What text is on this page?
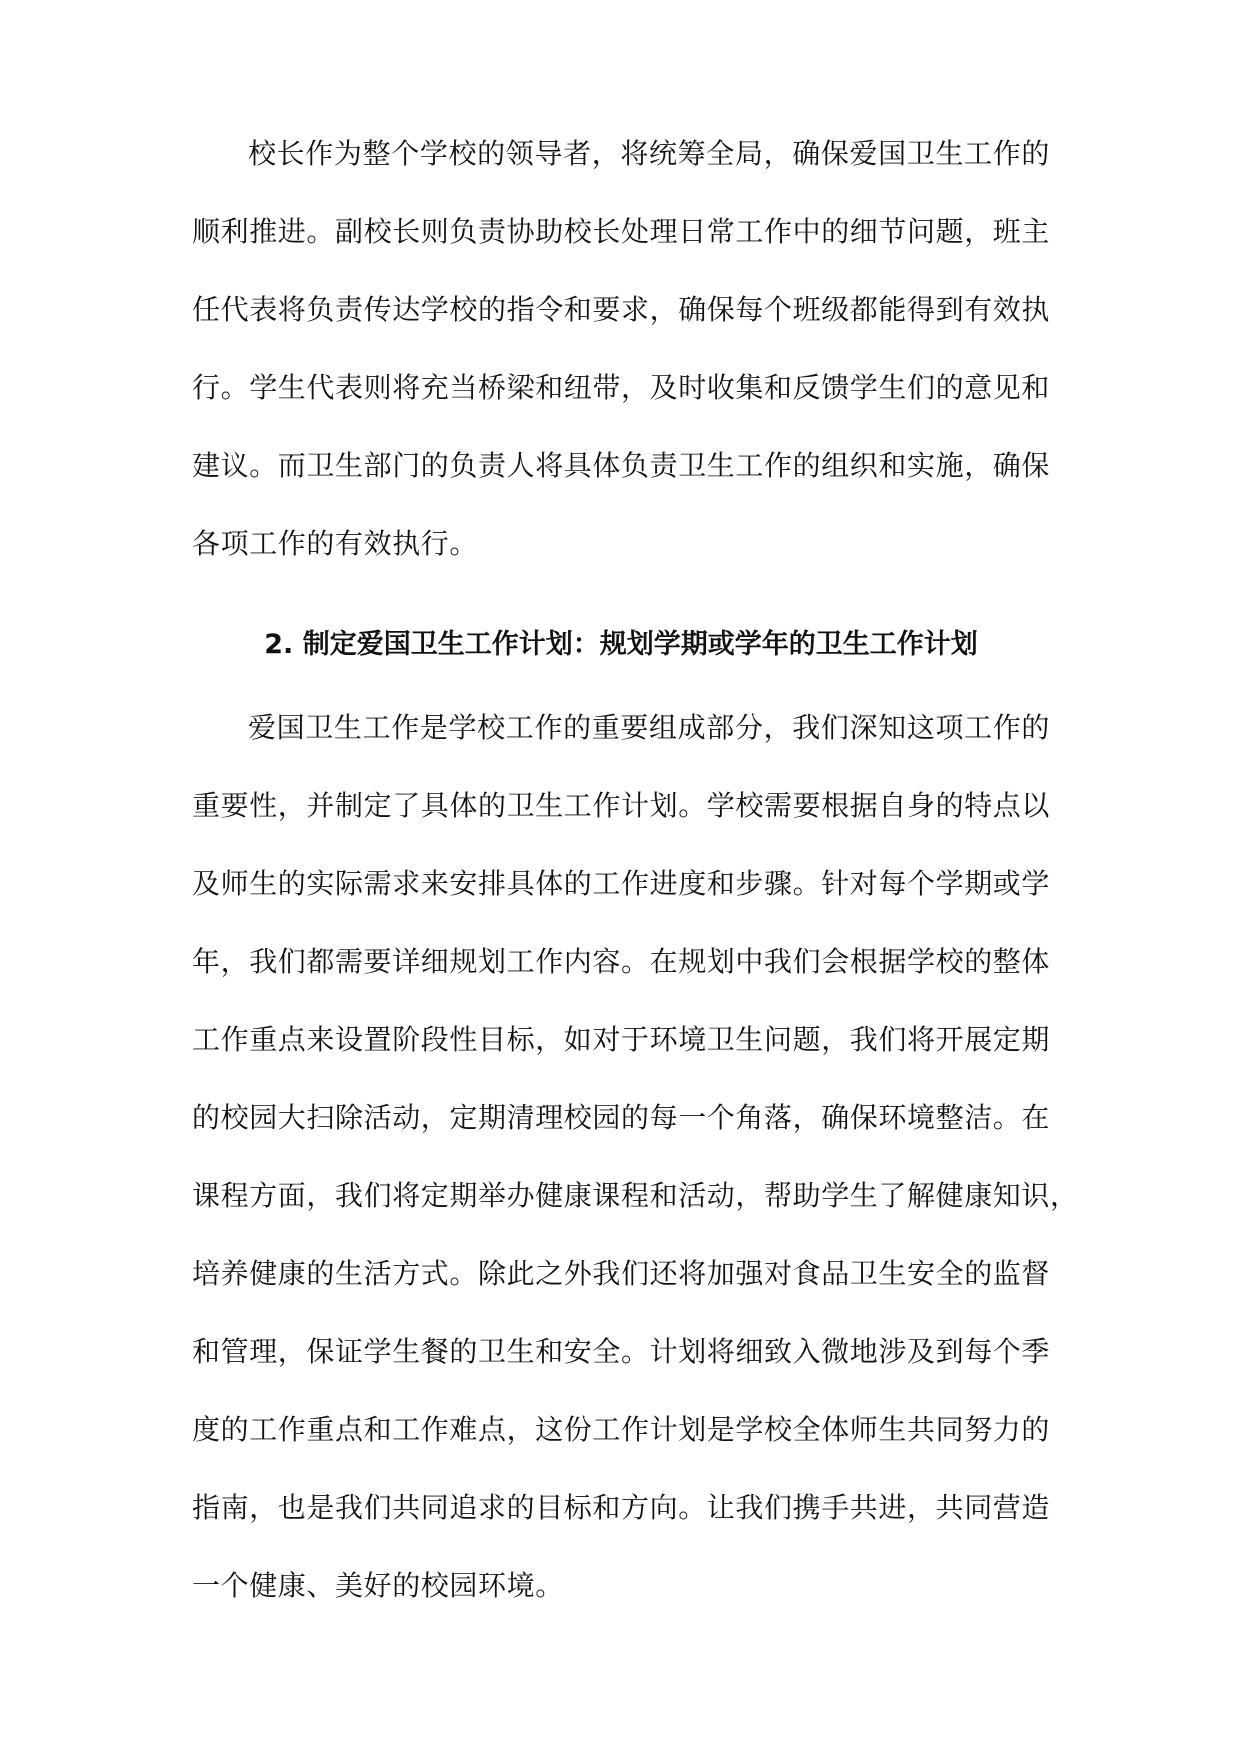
校长作为整个学校的领导者，将统筹全局，确保爱国卫生工作的
顺利推进。副校长则负责协助校长处理日常工作中的细节问题，班主
任代表将负责传达学校的指令和要求，确保每个班级都能得到有效执
行。学生代表则将充当桥梁和纽带，及时收集和反馈学生们的意见和
建议。而卫生部门的负责人将具体负责卫生工作的组织和实施，确保
各项工作的有效执行。
2. 制定爱国卫生工作计划：规划学期或学年的卫生工作计划
爱国卫生工作是学校工作的重要组成部分，我们深知这项工作的
重要性，并制定了具体的卫生工作计划。学校需要根据自身的特点以
及师生的实际需求来安排具体的工作进度和步骤。针对每个学期或学
年，我们都需要详细规划工作内容。在规划中我们会根据学校的整体
工作重点来设置阶段性目标，如对于环境卫生问题，我们将开展定期
的校园大扫除活动，定期清理校园的每一个角落，确保环境整洁。在
课程方面，我们将定期举办健康课程和活动，帮助学生了解健康知识，
培养健康的生活方式。除此之外我们还将加强对食品卫生安全的监督
和管理，保证学生餐的卫生和安全。计划将细致入微地涉及到每个季
度的工作重点和工作难点，这份工作计划是学校全体师生共同努力的
指南，也是我们共同追求的目标和方向。让我们携手共进，共同营造
一个健康、美好的校园环境。
